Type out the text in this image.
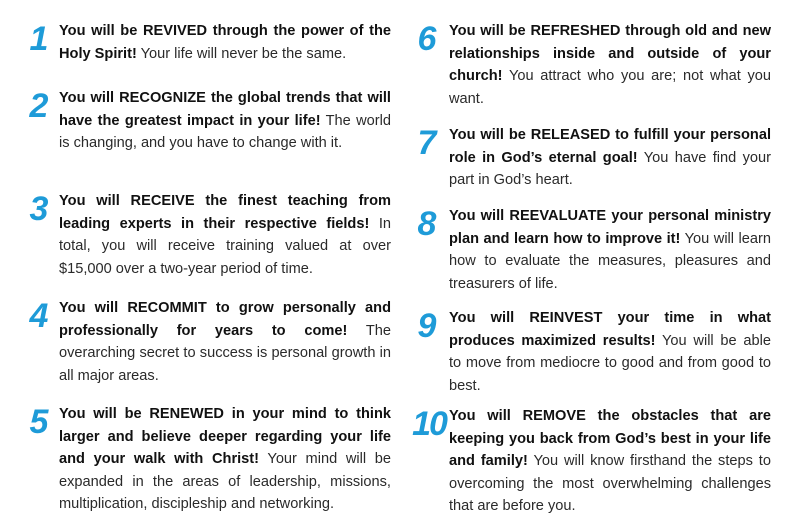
1 You will be REVIVED through the power of the Holy Spirit! Your life will never be the same.
2 You will RECOGNIZE the global trends that will have the greatest impact in your life! The world is changing, and you have to change with it.
3 You will RECEIVE the finest teaching from leading experts in their respective fields! In total, you will receive training valued at over $15,000 over a two-year period of time.
4 You will RECOMMIT to grow personally and professionally for years to come! The overarching secret to success is personal growth in all major areas.
5 You will be RENEWED in your mind to think larger and believe deeper regarding your life and your walk with Christ! Your mind will be expanded in the areas of leadership, missions, multiplication, discipleship and networking.
6 You will be REFRESHED through old and new relationships inside and outside of your church! You attract who you are; not what you want.
7 You will be RELEASED to fulfill your personal role in God’s eternal goal! You have find your part in God’s heart.
8 You will REEVALUATE your personal ministry plan and learn how to improve it! You will learn how to evaluate the measures, pleasures and treasurers of life.
9 You will REINVEST your time in what produces maximized results! You will be able to move from mediocre to good and from good to best.
10 You will REMOVE the obstacles that are keeping you back from God’s best in your life and family! You will know firsthand the steps to overcoming the most overwhelming challenges that are before you.
